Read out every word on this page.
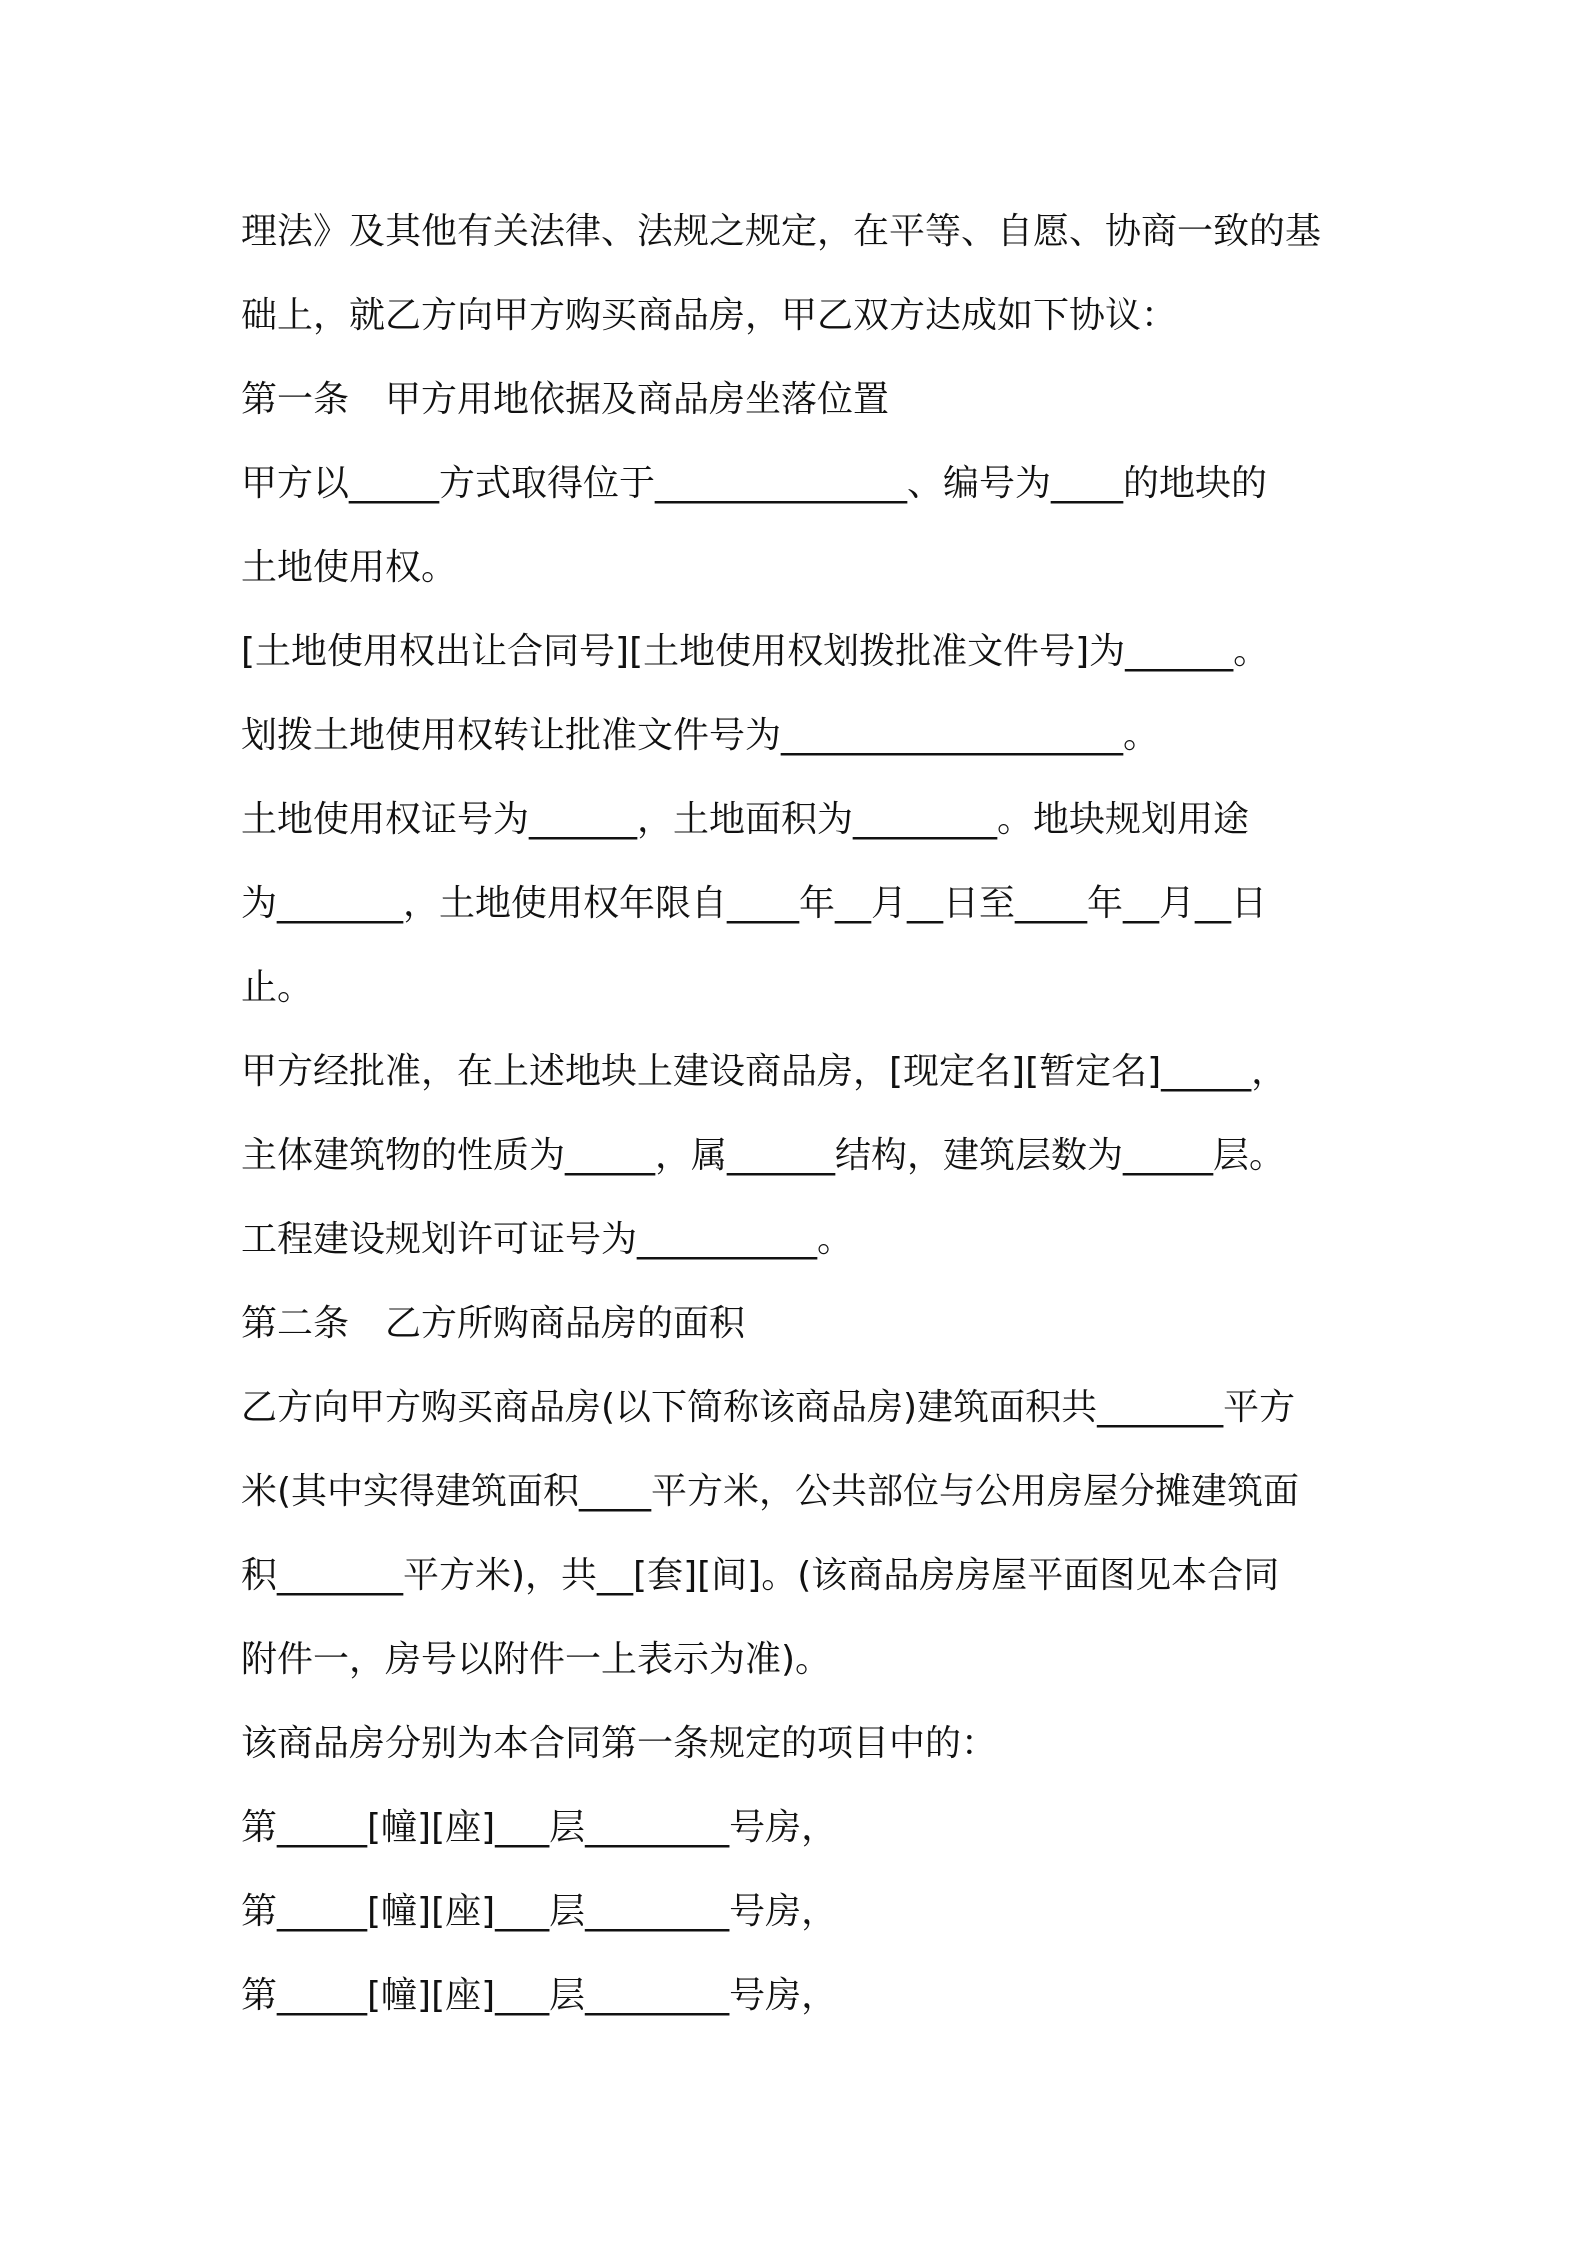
理法》及其他有关法律、法规之规定，在平等、自愿、协商一致的基
础上，就乙方向甲方购买商品房，甲乙双方达成如下协议：
第一条　甲方用地依据及商品房坐落位置
甲方以_____方式取得位于______________、编号为____的地块的
土地使用权。
[土地使用权出让合同号][土地使用权划拨批准文件号]为______。
划拨土地使用权转让批准文件号为___________________。
土地使用权证号为______，土地面积为________。地块规划用途
为_______，土地使用权年限自____年__月__日至____年__月__日
止。
甲方经批准，在上述地块上建设商品房，[现定名][暂定名]_____，
主体建筑物的性质为_____，属______结构，建筑层数为_____层。
工程建设规划许可证号为__________。
第二条　乙方所购商品房的面积
乙方向甲方购买商品房(以下简称该商品房)建筑面积共_______平方
米(其中实得建筑面积____平方米，公共部位与公用房屋分摊建筑面
积_______平方米)，共__[套][间]。(该商品房房屋平面图见本合同
附件一，房号以附件一上表示为准)。
该商品房分别为本合同第一条规定的项目中的：
第_____[幢][座]___层________号房，
第_____[幢][座]___层________号房，
第_____[幢][座]___层________号房，
